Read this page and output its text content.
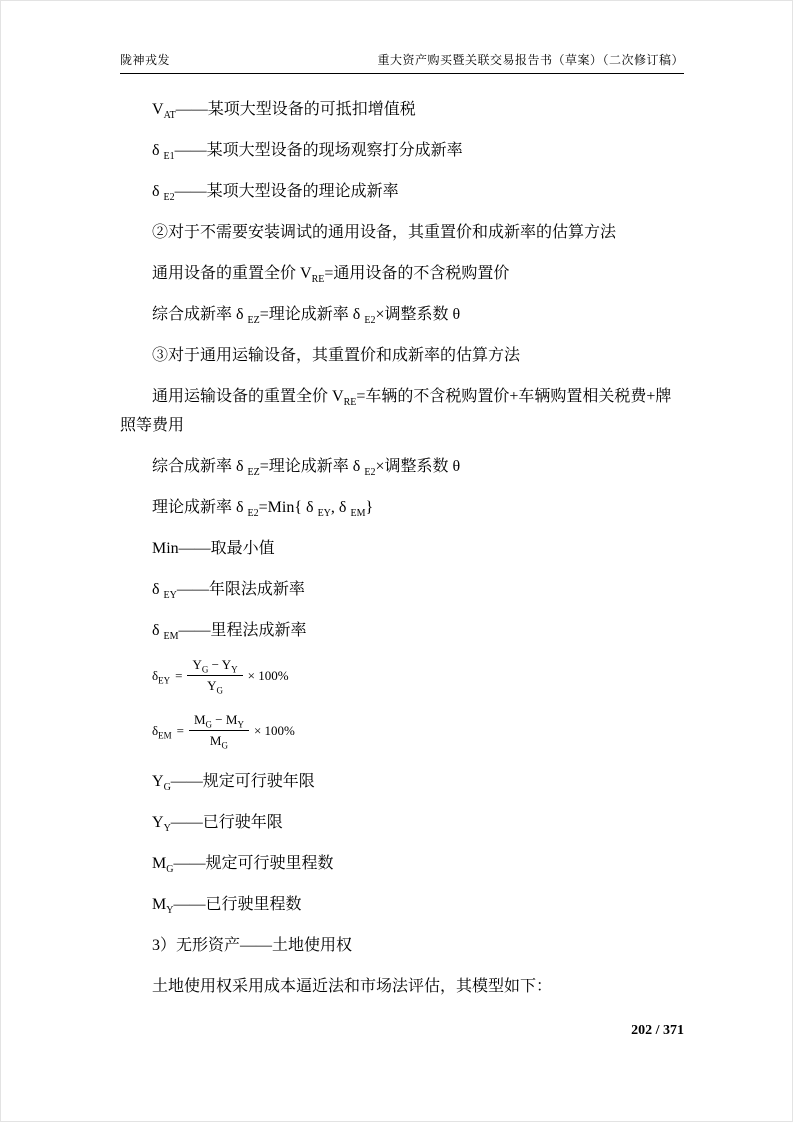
陇神戎发	重大资产购买暨关联交易报告书（草案）（二次修订稿）

$V_{AT}——$某项大型设备的可抵扣增值税

δ $_{E1}$——某项大型设备的现场观察打分成新率

δ $_{E2}$——某项大型设备的理论成新率

②对于不需要安装调试的通用设备，其重置价和成新率的估算方法

通用设备的重置全价 $V_{RE}=$通用设备的不含税购置价

综合成新率 δ $_{EZ}$=理论成新率 δ $_{E2}$×调整系数 θ

③对于通用运输设备，其重置价和成新率的估算方法

通用运输设备的重置全价 $V_{RE}=$车辆的不含税购置价+车辆购置相关税费+牌照等费用

综合成新率 δ $_{EZ}$=理论成新率 δ $_{E2}$×调整系数 θ

理论成新率 δ $_{E2}$=Min{ δ $_{EY}$, δ $_{EM}$}

Min——取最小值

δ $_{EY}$——年限法成新率

δ $_{EM}$——里程法成新率

$\delta_{EY} = \frac{Y_G - Y_Y}{Y_G} \times 100\%$

$\delta_{EM} = \frac{M_G - M_Y}{M_G} \times 100\%$

$Y_G——$规定可行驶年限

$Y_Y——$已行驶年限

$M_G——$规定可行驶里程数

$M_Y——$已行驶里程数

3）无形资产——土地使用权

土地使用权采用成本逼近法和市场法评估，其模型如下：

202 / 371
